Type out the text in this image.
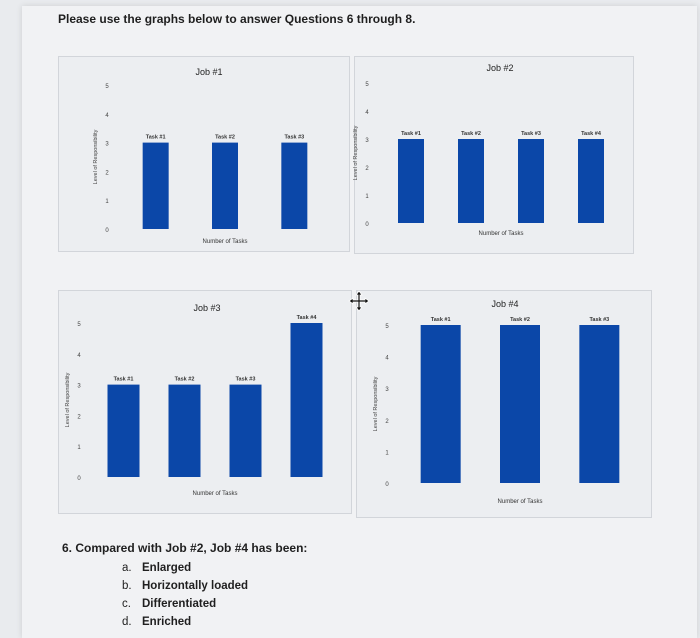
Please use the graphs below to answer Questions 6 through 8.
Job #1
0
1
2
3
4
5
Level of Responsibility	Task #1	Task #2	Task #3
Number of Tasks
Job #2
0
1
2
3
4
5
Level of Responsibility	Task #1	Task #2	Task #3	Task #4
Number of Tasks
Job #3
0
1
2
3
4
5
Level of Responsibility	Task #1	Task #2	Task #3
Task #4
Number of Tasks
Job #4
0
1
2
3
4
5
Level of Responsibility
Task #1	Task #2	Task #3
Number of Tasks
6. Compared with Job #2, Job #4 has been:
a. Enlarged
b. Horizontally loaded
c. Differentiated
d. Enriched
